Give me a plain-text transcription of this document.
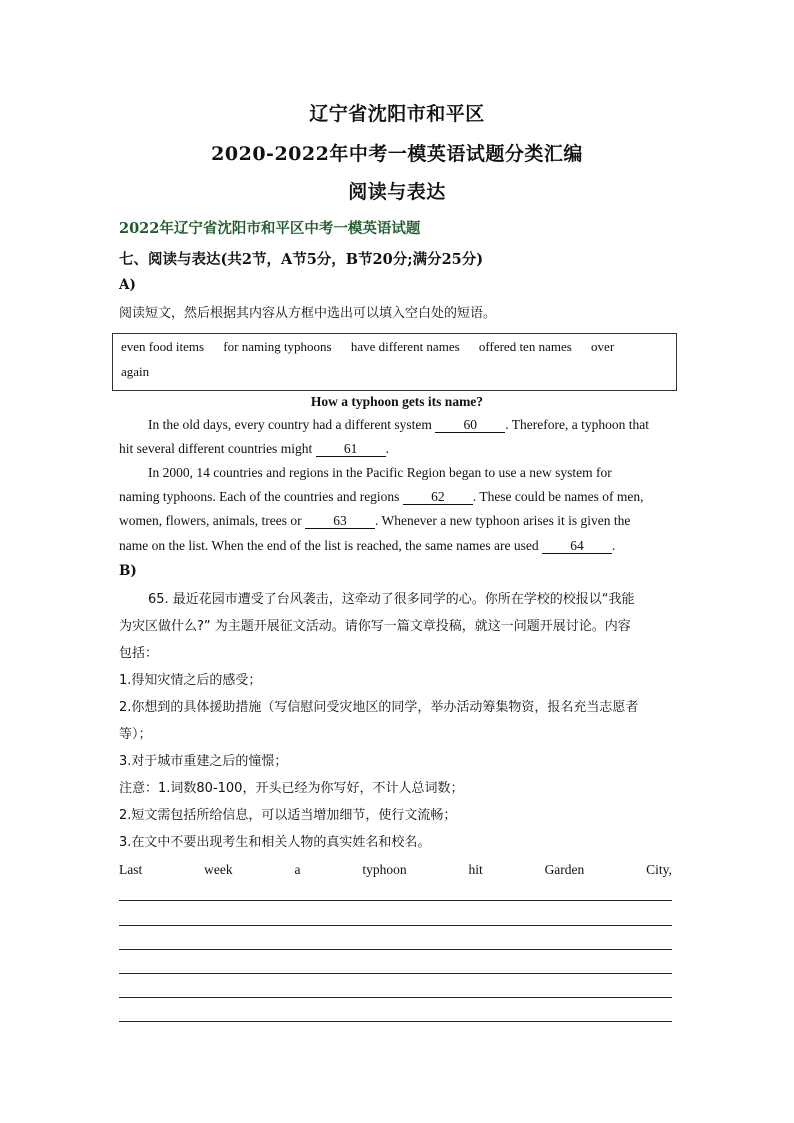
辽宁省沈阳市和平区
2020-2022年中考一模英语试题分类汇编
阅读与表达
2022年辽宁省沈阳市和平区中考一模英语试题
七、阅读与表达(共2节，A节5分，B节20分;满分25分)
A)
阅读短文，然后根据其内容从方框中选出可以填入空白处的短语。
even food items for naming typhoons have different names offered ten names over
again
How a typhoon gets its name?
In the old days, every country had a different system 60 . Therefore, a typhoon that
hit several different countries might 61 .
In 2000, 14 countries and regions in the Pacific Region began to use a new system for
naming typhoons. Each of the countries and regions 62 . These could be names of men,
women, flowers, animals, trees or 63 . Whenever a new typhoon arises it is given the
name on the list. When the end of the list is reached, the same names are used 64 .
B)
65. 最近花园市遭受了台风袭击，这牵动了很多同学的心。你所在学校的校报以“我能
为灾区做什么?” 为主题开展征文活动。请你写一篇文章投稿，就这一问题开展讨论。内容
包括：
1.得知灾情之后的感受；
2.你想到的具体援助措施（写信慰问受灾地区的同学，举办活动筹集物资，报名充当志愿者
等）；
3.对于城市重建之后的憧憬；
注意：1.词数80-100，开头已经为你写好，不计人总词数；
2.短文需包括所给信息，可以适当增加细节，使行文流畅；
3.在文中不要出现考生和相关人物的真实姓名和校名。
Last	week	a	typhoon	hit	Garden	City,
